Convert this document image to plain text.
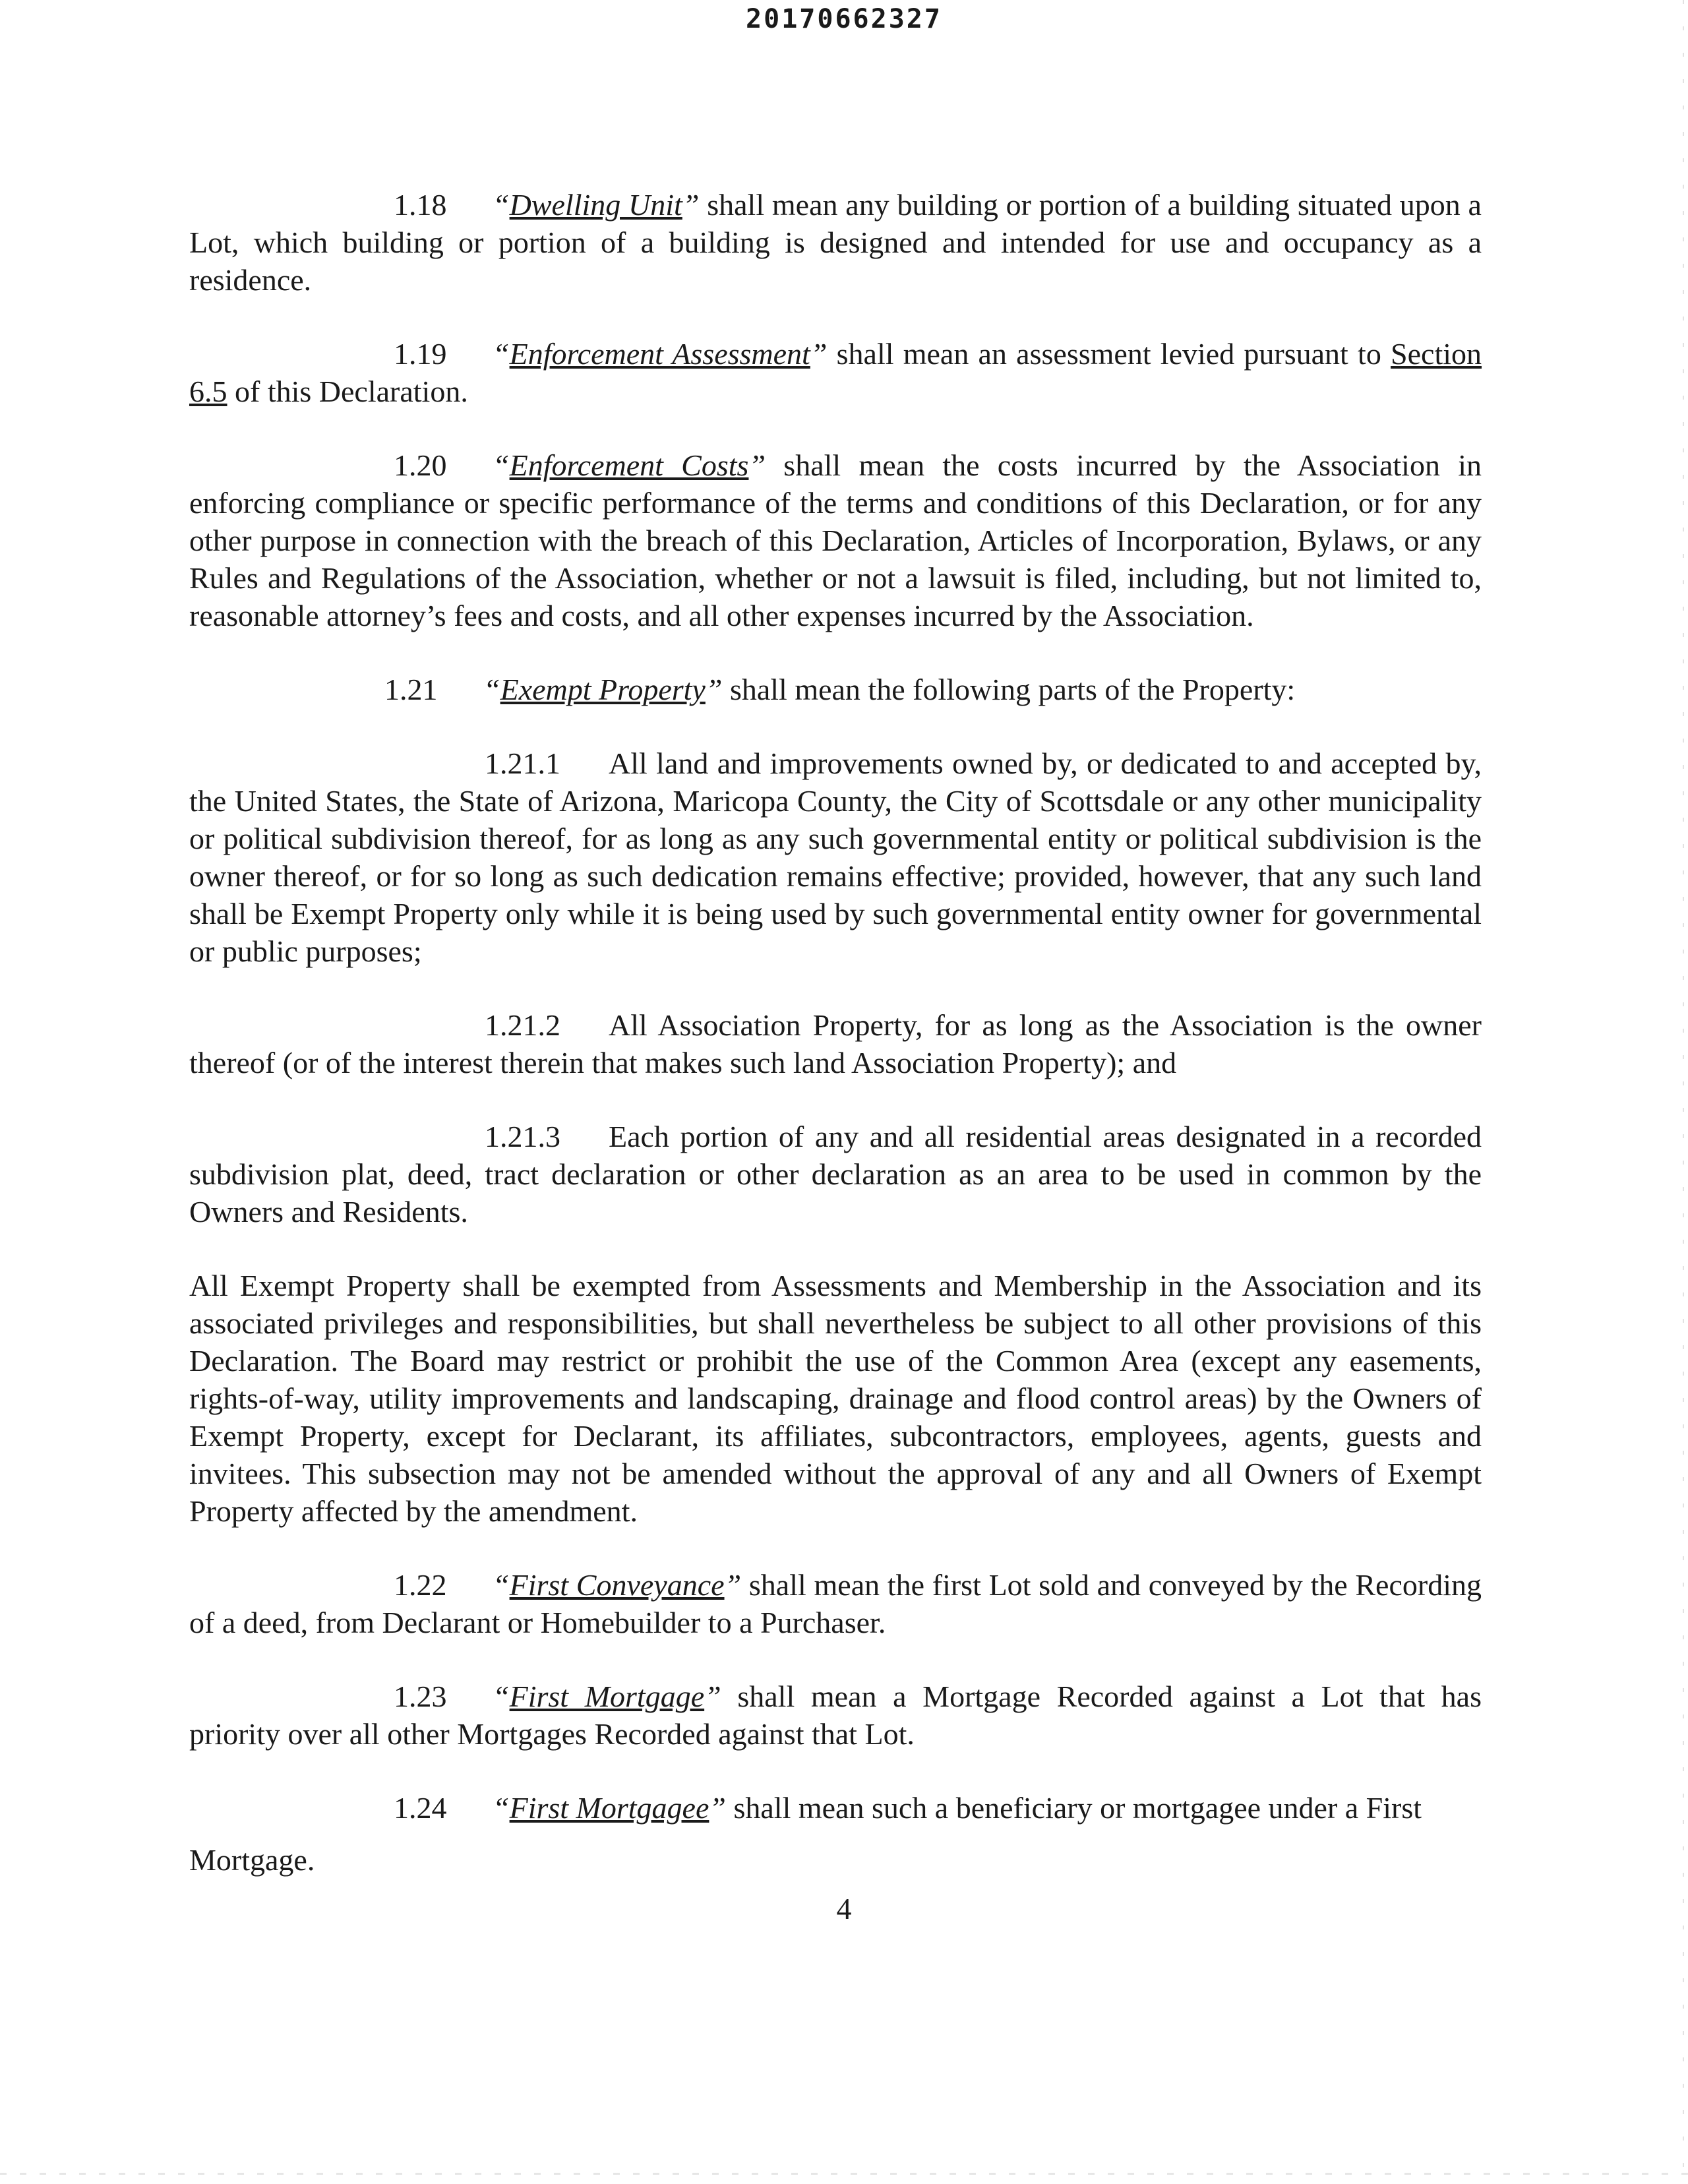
20170662327

1.18 “Dwelling Unit” shall mean any building or portion of a building situated upon a Lot, which building or portion of a building is designed and intended for use and occupancy as a residence.

1.19 “Enforcement Assessment” shall mean an assessment levied pursuant to Section 6.5 of this Declaration.

1.20 “Enforcement Costs” shall mean the costs incurred by the Association in enforcing compliance or specific performance of the terms and conditions of this Declaration, or for any other purpose in connection with the breach of this Declaration, Articles of Incorporation, Bylaws, or any Rules and Regulations of the Association, whether or not a lawsuit is filed, including, but not limited to, reasonable attorney’s fees and costs, and all other expenses incurred by the Association.

1.21 “Exempt Property” shall mean the following parts of the Property:

1.21.1 All land and improvements owned by, or dedicated to and accepted by, the United States, the State of Arizona, Maricopa County, the City of Scottsdale or any other municipality or political subdivision thereof, for as long as any such governmental entity or political subdivision is the owner thereof, or for so long as such dedication remains effective; provided, however, that any such land shall be Exempt Property only while it is being used by such governmental entity owner for governmental or public purposes;

1.21.2 All Association Property, for as long as the Association is the owner thereof (or of the interest therein that makes such land Association Property); and

1.21.3 Each portion of any and all residential areas designated in a recorded subdivision plat, deed, tract declaration or other declaration as an area to be used in common by the Owners and Residents.

All Exempt Property shall be exempted from Assessments and Membership in the Association and its associated privileges and responsibilities, but shall nevertheless be subject to all other provisions of this Declaration. The Board may restrict or prohibit the use of the Common Area (except any easements, rights-of-way, utility improvements and landscaping, drainage and flood control areas) by the Owners of Exempt Property, except for Declarant, its affiliates, subcontractors, employees, agents, guests and invitees. This subsection may not be amended without the approval of any and all Owners of Exempt Property affected by the amendment.

1.22 “First Conveyance” shall mean the first Lot sold and conveyed by the Recording of a deed, from Declarant or Homebuilder to a Purchaser.

1.23 “First Mortgage” shall mean a Mortgage Recorded against a Lot that has priority over all other Mortgages Recorded against that Lot.

1.24 “First Mortgagee” shall mean such a beneficiary or mortgagee under a First
Mortgage.

4
